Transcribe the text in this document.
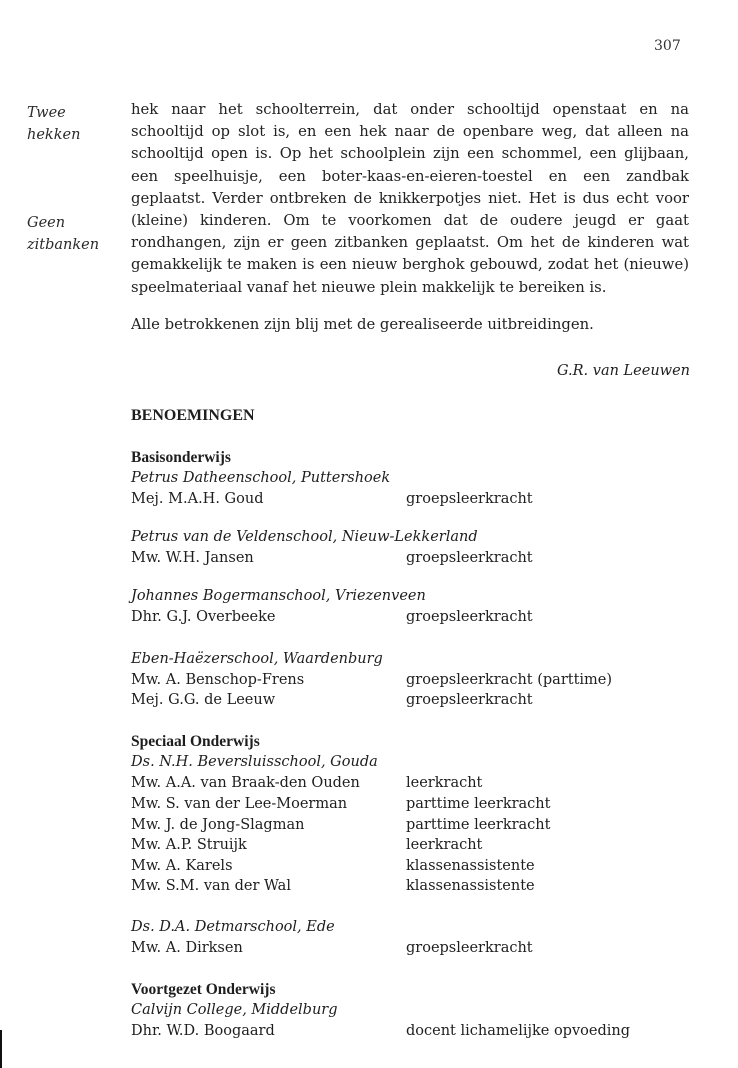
307
Twee
hekken
Geen
zitbanken

hek naar het schoolterrein, dat onder schooltijd openstaat en na schooltijd op slot is, en een hek naar de openbare weg, dat alleen na schooltijd open is. Op het schoolplein zijn een schommel, een glijbaan, een speelhuisje, een boter-kaas-en-eieren-toestel en een zandbak geplaatst. Verder ontbreken de knikkerpotjes niet. Het is dus echt voor (kleine) kinderen. Om te voorkomen dat de oudere jeugd er gaat rondhangen, zijn er geen zitbanken geplaatst. Om het de kinderen wat gemakkelijk te maken is een nieuw berghok gebouwd, zodat het (nieuwe) speelmateriaal vanaf het nieuwe plein makkelijk te bereiken is.

Alle betrokkenen zijn blij met de gerealiseerde uitbreidingen.

G.R. van Leeuwen
BENOEMINGEN
Basisonderwijs
Petrus Datheenschool, Puttershoek
Mej. M.A.H. Goud	groepsleerkracht
Petrus van de Veldenschool, Nieuw-Lekkerland
Mw. W.H. Jansen	groepsleerkracht
Johannes Bogermanschool, Vriezenveen
Dhr. G.J. Overbeeke	groepsleerkracht
Eben-Haëzerschool, Waardenburg
Mw. A. Benschop-Frens	groepsleerkracht (parttime)
Mej. G.G. de Leeuw	groepsleerkracht
Speciaal Onderwijs
Ds. N.H. Beversluisschool, Gouda
Mw. A.A. van Braak-den Ouden	leerkracht
Mw. S. van der Lee-Moerman	parttime leerkracht
Mw. J. de Jong-Slagman	parttime leerkracht
Mw. A.P. Struijk	leerkracht
Mw. A. Karels	klassenassistente
Mw. S.M. van der Wal	klassenassistente
Ds. D.A. Detmarschool, Ede
Mw. A. Dirksen	groepsleerkracht
Voortgezet Onderwijs
Calvijn College, Middelburg
Dhr. W.D. Boogaard	docent lichamelijke opvoeding
